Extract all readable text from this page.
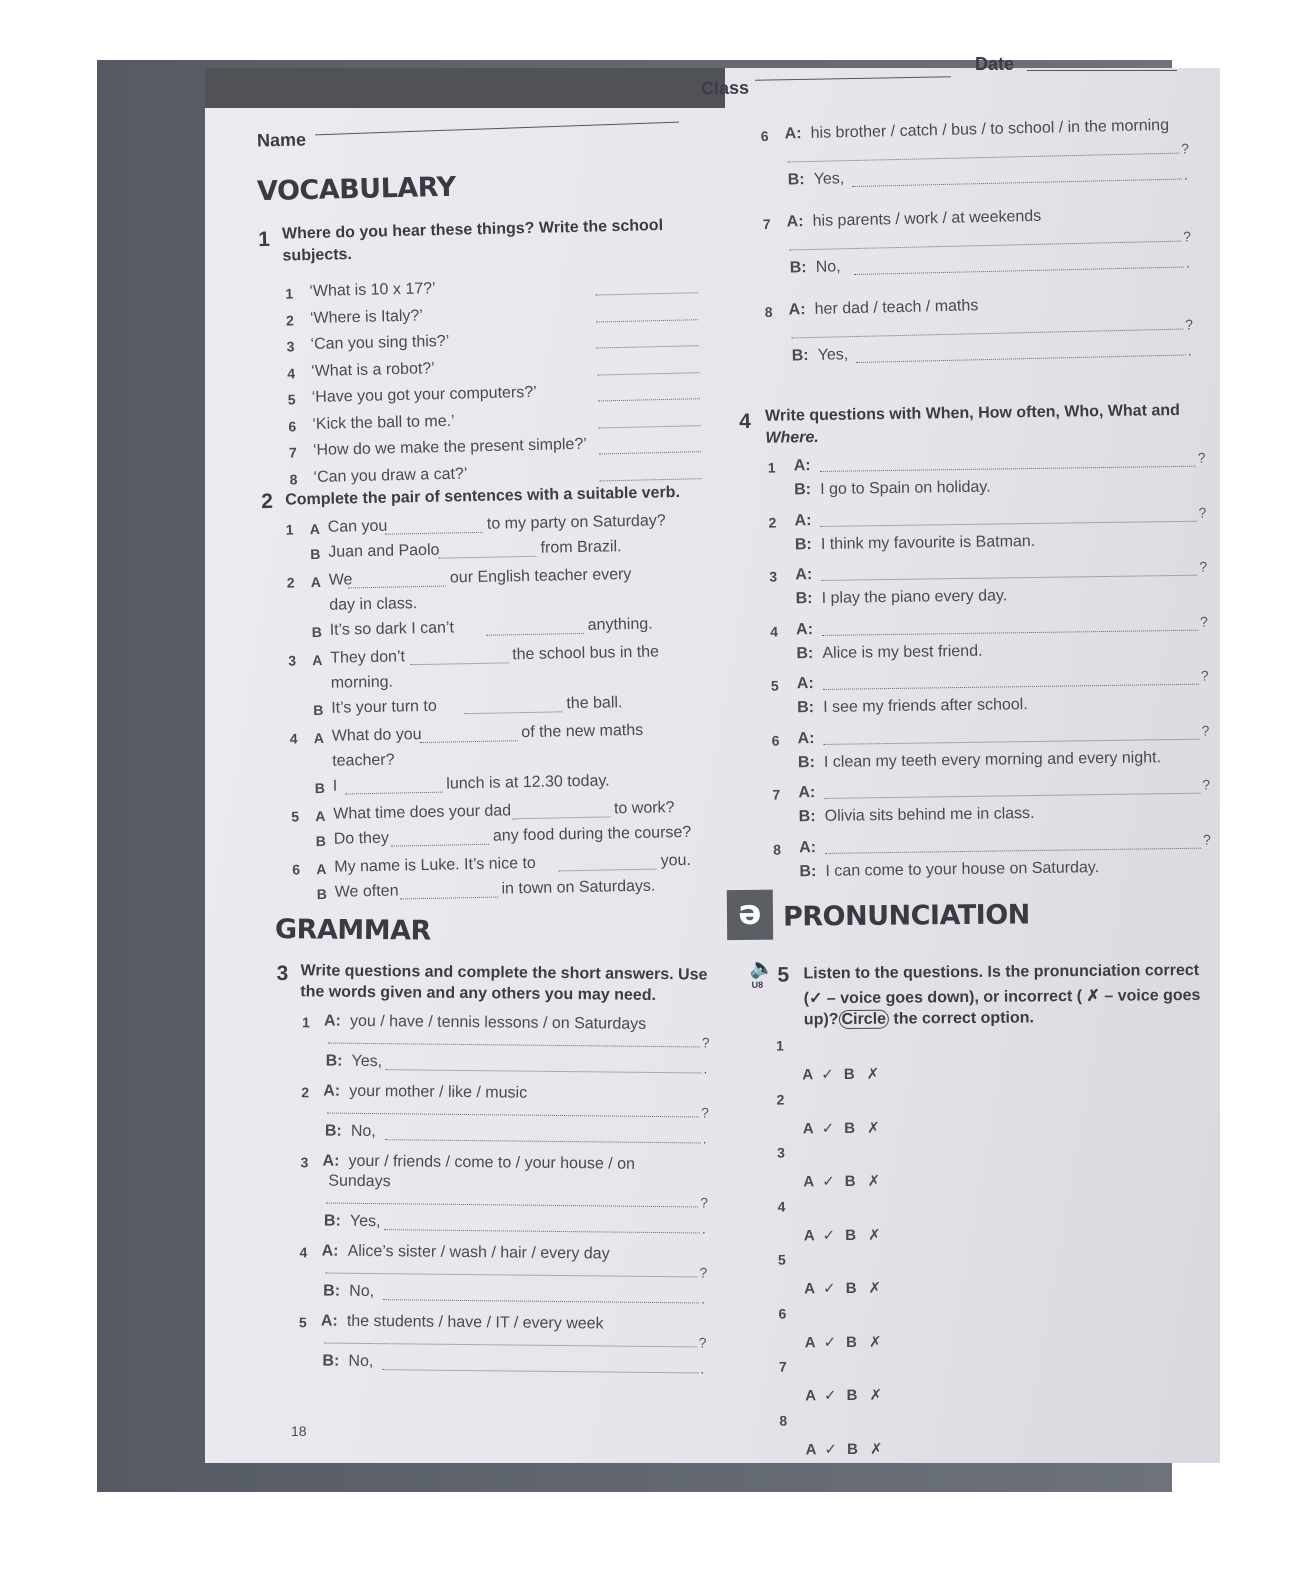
Name
Class
Date
VOCABULARY
1 Where do you hear these things? Write the school
subjects.
1 ‘What is 10 x 17?’
2 ‘Where is Italy?’
3 ‘Can you sing this?’
4 ‘What is a robot?’
5 ‘Have you got your computers?’
6 ‘Kick the ball to me.’
7 ‘How do we make the present simple?’
8 ‘Can you draw a cat?’
2 Complete the pair of sentences with a suitable verb.
1 A Can you	to my party on Saturday?
B Juan and Paolo	from Brazil.
2 A We	our English teacher every
day in class.
B It’s so dark I can’t	anything.
3 A They don’t	the school bus in the
morning.
B It’s your turn to	the ball.
4 A What do you	of the new maths
teacher?
B I	lunch is at 12.30 today.
5 A What time does your dad	to work?
B Do they	any food during the course?
6 A My name is Luke. It’s nice to	you.
B We often	in town on Saturdays.
GRAMMAR
3 Write questions and complete the short answers. Use
the words given and any others you may need.
1 A: you / have / tennis lessons / on Saturdays
?
B: Yes,	.
2 A: your mother / like / music
?
B: No,	.
3 A: your / friends / come to / your house / on
Sundays
?
B: Yes,	.
4 A: Alice’s sister / wash / hair / every day
?
B: No,	.
5 A: the students / have / IT / every week
?
B: No,	.
6 A: his brother / catch / bus / to school / in the morning
?
B: Yes,	.
7 A: his parents / work / at weekends
?
B: No,	.
8 A: her dad / teach / maths
?
B: Yes,	.
4 Write questions with When, How often, Who, What and
Where.
1 A:	?
B: I go to Spain on holiday.
2 A:	?
B: I think my favourite is Batman.
3 A:	?
B: I play the piano every day.
4 A:	?
B: Alice is my best friend.
5 A:	?
B: I see my friends after school.
6 A:	?
B: I clean my teeth every morning and every night.
7 A:	?
B: Olivia sits behind me in class.
8 A:	?
B: I can come to your house on Saturday.
ə PRONUNCIATION
🔈
U8 5 Listen to the questions. Is the pronunciation correct
(✓ – voice goes down), or incorrect ( ✗ – voice goes
up)? Circle the correct option.
1
A ✓ B ✗
2
A ✓ B ✗
3
A ✓ B ✗
4
A ✓ B ✗
5
A ✓ B ✗
6
A ✓ B ✗
7
A ✓ B ✗
8
A ✓ B ✗
18
